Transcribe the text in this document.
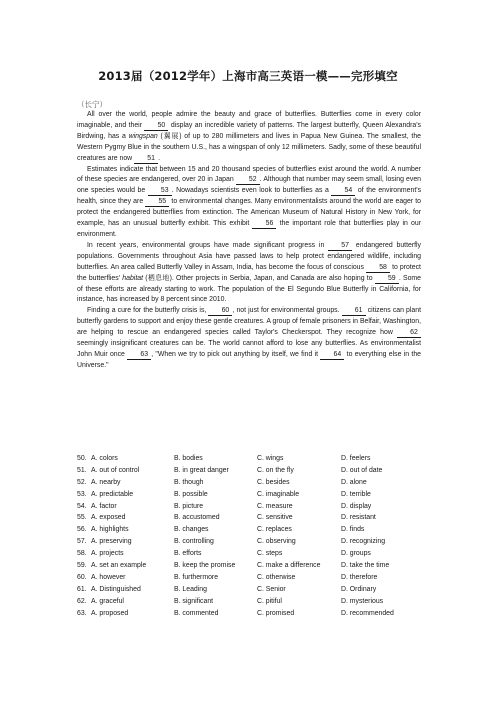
2013届（2012学年）上海市高三英语一模——完形填空
（长宁）

All over the world, people admire the beauty and grace of butterflies. Butterflies come in every color imaginable, and their 50 display an incredible variety of patterns. The largest butterfly, Queen Alexandra's Birdwing, has a wingspan (翼展) of up to 280 millimeters and lives in Papua New Guinea. The smallest, the Western Pygmy Blue in the southern U.S., has a wingspan of only 12 millimeters. Sadly, some of these beautiful creatures are now 51 .

Estimates indicate that between 15 and 20 thousand species of butterflies exist around the world. A number of these species are endangered, over 20 in Japan 52 . Although that number may seem small, losing even one species would be 53 . Nowadays scientists even look to butterflies as a 54 of the environment's health, since they are 55 to environmental changes. Many environmentalists around the world are eager to protect the endangered butterflies from extinction. The American Museum of Natural History in New York, for example, has an unusual butterfly exhibit. This exhibit 56 the important role that butterflies play in our environment.

In recent years, environmental groups have made significant progress in 57 endangered butterfly populations. Governments throughout Asia have passed laws to help protect endangered wildlife, including butterflies. An area called Butterfly Valley in Assam, India, has become the focus of conscious 58 to protect the butterflies' habitat (栖息地). Other projects in Serbia, Japan, and Canada are also hoping to 59 . Some of these efforts are already starting to work. The population of the El Segundo Blue Butterfly in California, for instance, has increased by 8 percent since 2010.

Finding a cure for the butterfly crisis is, 60 , not just for environmental groups. 61 citizens can plant butterfly gardens to support and enjoy these gentle creatures. A group of female prisoners in Belfair, Washington, are helping to rescue an endangered species called Taylor's Checkerspot. They recognize how 62 seemingly insignificant creatures can be. The world cannot afford to lose any butterflies. As environmentalist John Muir once 63 , "When we try to pick out anything by itself, we find it 64 to everything else in the Universe."

50. A. colors	B. bodies	C. wings	D. feelers
51. A. out of control	B. in great danger	C. on the fly	D. out of date
52. A. nearby	B. though	C. besides	D. alone
53. A. predictable	B. possible	C. imaginable	D. terrible
54. A. factor	B. picture	C. measure	D. display
55. A. exposed	B. accustomed	C. sensitive	D. resistant
56. A. highlights	B. changes	C. replaces	D. finds
57. A. preserving	B. controlling	C. observing	D. recognizing
58. A. projects	B. efforts	C. steps	D. groups
59. A. set an example	B. keep the promise	C. make a difference	D. take the time
60. A. however	B. furthermore	C. otherwise	D. therefore
61. A. Distinguished	B. Leading	C. Senior	D. Ordinary
62. A. graceful	B. significant	C. pitiful	D. mysterious
63. A. proposed	B. commented	C. promised	D. recommended
